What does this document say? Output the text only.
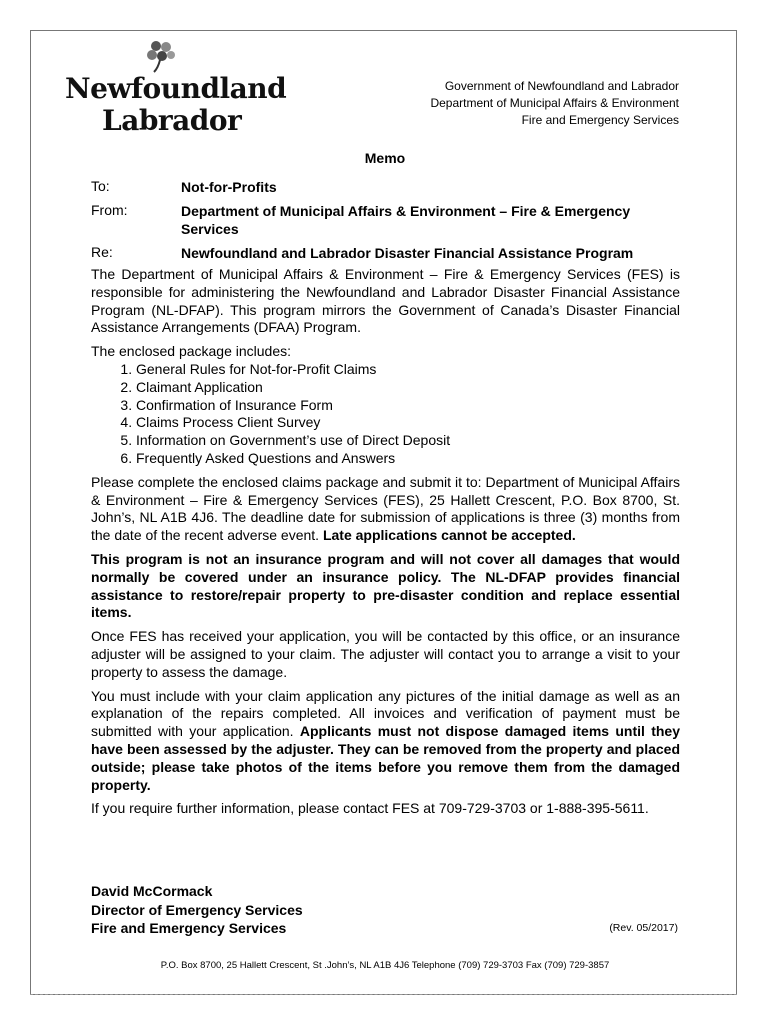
Newfoundland
Labrador
Government of Newfoundland and Labrador
Department of Municipal Affairs & Environment
Fire and Emergency Services
Memo
To:	Not-for-Profits
From:	Department of Municipal Affairs & Environment – Fire & Emergency Services
Re:	Newfoundland and Labrador Disaster Financial Assistance Program

The Department of Municipal Affairs & Environment – Fire & Emergency Services (FES) is responsible for administering the Newfoundland and Labrador Disaster Financial Assistance Program (NL-DFAP). This program mirrors the Government of Canada’s Disaster Financial Assistance Arrangements (DFAA) Program.

The enclosed package includes:

1. General Rules for Not-for-Profit Claims
2. Claimant Application
3. Confirmation of Insurance Form
4. Claims Process Client Survey
5. Information on Government’s use of Direct Deposit
6. Frequently Asked Questions and Answers

Please complete the enclosed claims package and submit it to: Department of Municipal Affairs & Environment – Fire & Emergency Services (FES), 25 Hallett Crescent, P.O. Box 8700, St. John’s, NL A1B 4J6. The deadline date for submission of applications is three (3) months from the date of the recent adverse event. Late applications cannot be accepted.

This program is not an insurance program and will not cover all damages that would normally be covered under an insurance policy. The NL-DFAP provides financial assistance to restore/repair property to pre-disaster condition and replace essential items.

Once FES has received your application, you will be contacted by this office, or an insurance adjuster will be assigned to your claim. The adjuster will contact you to arrange a visit to your property to assess the damage.

You must include with your claim application any pictures of the initial damage as well as an explanation of the repairs completed. All invoices and verification of payment must be submitted with your application. Applicants must not dispose damaged items until they have been assessed by the adjuster. They can be removed from the property and placed outside; please take photos of the items before you remove them from the damaged property.

If you require further information, please contact FES at 709-729-3703 or 1-888-395-5611.

David McCormack
Director of Emergency Services
Fire and Emergency Services	(Rev. 05/2017)
P.O. Box 8700, 25 Hallett Crescent, St .John’s, NL A1B 4J6 Telephone (709) 729-3703 Fax (709) 729-3857
